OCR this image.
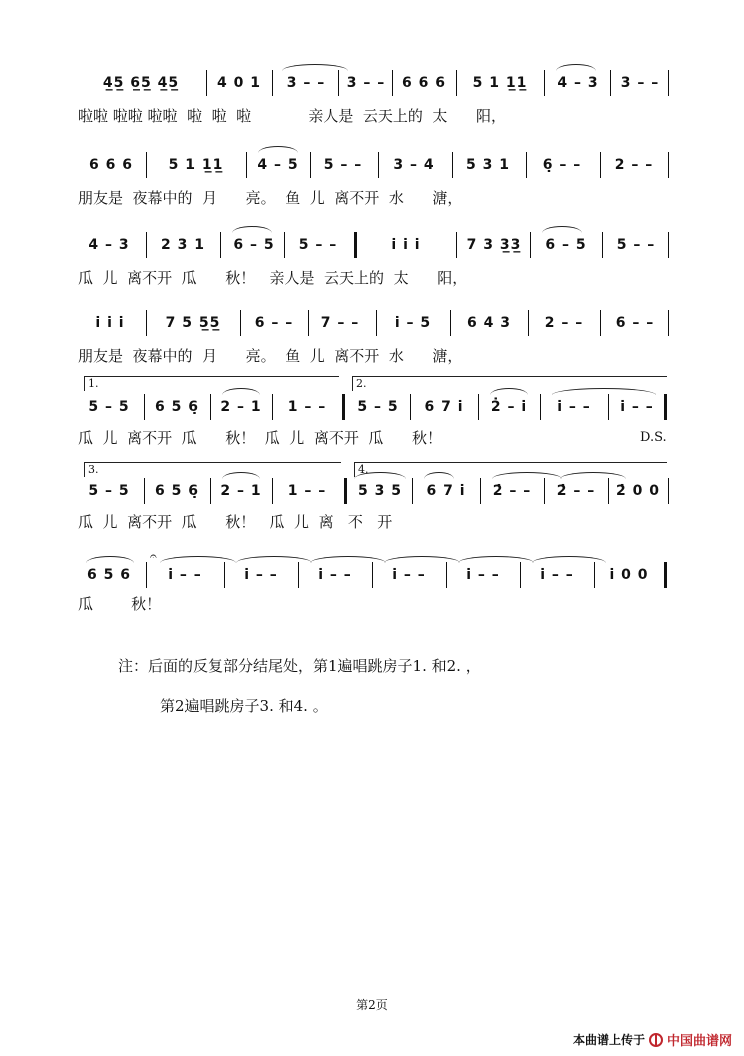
4̲5̲ 6̲5̲ 4̲5̲	4 0 1	3 – –	3 – –	6 6 6	5 1 1̲1̲	4 – 3	3 – –
啦啦 啦啦 啦啦  啦  啦  啦            亲人是  云天上的  太      阳，
6 6 6	5 1 1̲1̲	4 – 5	5 – –	3 – 4	5 3 1	6̣ – –	2 – –
朋友是  夜幕中的  月      亮。  鱼  儿  离不开  水      溏，
4 – 3	2 3 1	6 – 5	5 – –	i̇ i̇ i̇	7 3 3̲3̲	6 – 5	5 – –
瓜  儿  离不开  瓜      秋！   亲人是  云天上的  太      阳，
i̇ i̇ i̇	7 5 5̲5̲	6 – –	7 – –	i̇ – 5	6 4 3	2 – –	6 – –
朋友是  夜幕中的  月      亮。  鱼  儿  离不开  水      溏，
1.	2.
5 – 5	6 5 6̣	2 – 1	1 – –	5 – 5	6 7 i̇	2̇ – i̇	i̇ – –	i̇ – –
瓜  儿  离不开  瓜      秋！  瓜  儿  离不开  瓜      秋！	D.S.
3.	4.
5 – 5	6 5 6̣	2 – 1	1 – –	5 3 5	6 7 i̇	2̇ – –	2̇ – –	2̇ 0 0
瓜  儿  离不开  瓜      秋！   瓜  儿  离   不   开
6 5 6	i̇ – –	i̇ – –	i̇ – –	i̇ – –	i̇ – –	i̇ – –	i̇ 0 0
𝄐
瓜        秋！
注：后面的反复部分结尾处，第1遍唱跳房子1. 和2. ，
第2遍唱跳房子3. 和4. 。
第2页
本曲谱上传于 中国曲谱网
